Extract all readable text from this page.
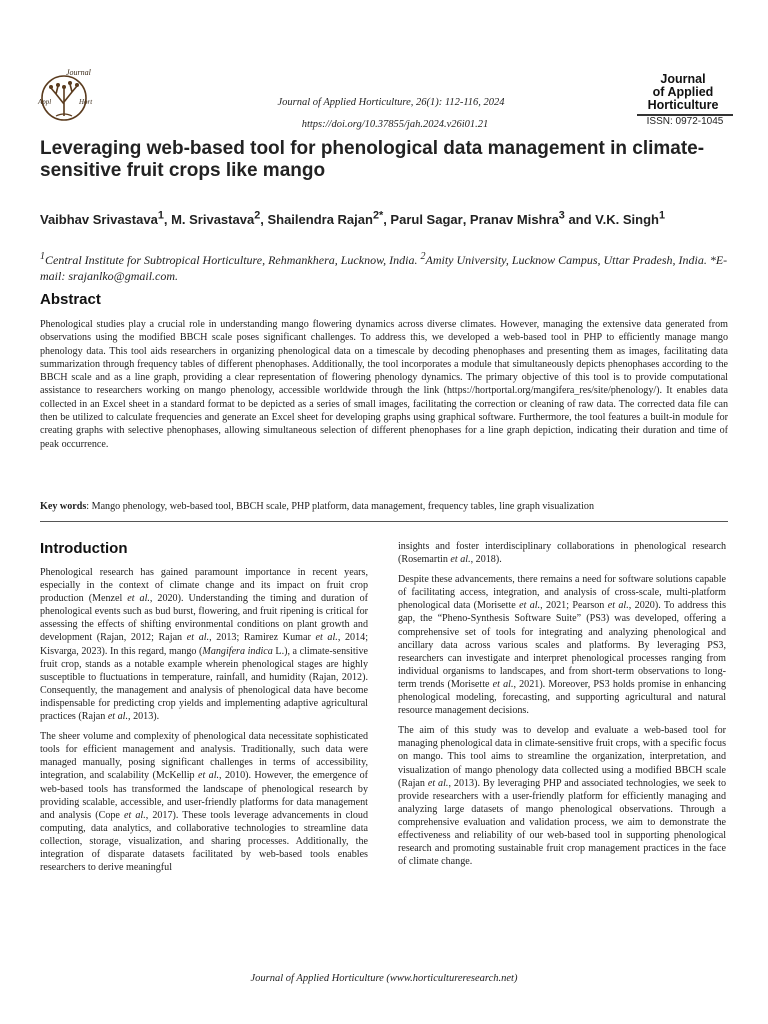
Journal
Appl	Hort	Journal of Applied Horticulture, 26(1): 112-116, 2024
https://doi.org/10.37855/jah.2024.v26i01.21
Journal
of Applied
Horticulture
ISSN: 0972-1045
Leveraging web-based tool for phenological data management in climate-sensitive fruit crops like mango

Vaibhav Srivastava$^1$, M. Srivastava$^2$, Shailendra Rajan$^{2*}$, Parul Sagar, Pranav Mishra$^3$ and V.K. Singh$^1$

$^1$Central Institute for Subtropical Horticulture, Rehmankhera, Lucknow, India. $^2$Amity University, Lucknow Campus, Uttar Pradesh, India. *E-mail: srajanlko@gmail.com.

Abstract

Phenological studies play a crucial role in understanding mango flowering dynamics across diverse climates. However, managing the extensive data generated from observations using the modified BBCH scale poses significant challenges. To address this, we developed a web-based tool in PHP to efficiently manage mango phenology data. This tool aids researchers in organizing phenological data on a timescale by decoding phenophases and presenting them as images, facilitating data summarization through frequency tables of different phenophases. Additionally, the tool incorporates a module that simultaneously depicts phenophases according to the BBCH scale and as a line graph, providing a clear representation of flowering phenology dynamics. The primary objective of this tool is to provide computational assistance to researchers working on mango phenology, accessible worldwide through the link (https://hortportal.org/mangifera_res/site/phenology/). It enables data collected in an Excel sheet in a standard format to be depicted as a series of small images, facilitating the correction or cleaning of raw data. The corrected data file can then be utilized to calculate frequencies and generate an Excel sheet for developing graphs using graphical software. Furthermore, the tool features a built-in module for creating graphs with selective phenophases, allowing simultaneous selection of different phenophases for a line graph depiction, indicating their duration and time of peak occurrence.

Key words: Mango phenology, web-based tool, BBCH scale, PHP platform, data management, frequency tables, line graph visualization

Introduction

Phenological research has gained paramount importance in recent years, especially in the context of climate change and its impact on fruit crop production (Menzel et al., 2020). Understanding the timing and duration of phenological events such as bud burst, flowering, and fruit ripening is critical for assessing the effects of shifting environmental conditions on plant growth and development (Rajan, 2012; Rajan et al., 2013; Ramirez Kumar et al., 2014; Kisvarga, 2023). In this regard, mango (Mangifera indica L.), a climate-sensitive fruit crop, stands as a notable example wherein phenological stages are highly susceptible to fluctuations in temperature, rainfall, and humidity (Rajan, 2012). Consequently, the management and analysis of phenological data have become indispensable for predicting crop yields and implementing adaptive agricultural practices (Rajan et al., 2013).

The sheer volume and complexity of phenological data necessitate sophisticated tools for efficient management and analysis. Traditionally, such data were managed manually, posing significant challenges in terms of accessibility, integration, and scalability (McKellip et al., 2010). However, the emergence of web-based tools has transformed the landscape of phenological research by providing scalable, accessible, and user-friendly platforms for data management and analysis (Cope et al., 2017). These tools leverage advancements in cloud computing, data analytics, and collaborative technologies to streamline data collection, storage, visualization, and sharing processes. Additionally, the integration of disparate datasets facilitated by web-based tools enables researchers to derive meaningful

insights and foster interdisciplinary collaborations in phenological research (Rosemartin et al., 2018).

Despite these advancements, there remains a need for software solutions capable of facilitating access, integration, and analysis of cross-scale, multi-platform phenological data (Morisette et al., 2021; Pearson et al., 2020). To address this gap, the “Pheno-Synthesis Software Suite” (PS3) was developed, offering a comprehensive set of tools for integrating and analyzing phenological and ancillary data across various scales and platforms. By leveraging PS3, researchers can investigate and interpret phenological processes ranging from individual organisms to landscapes, and from short-term observations to long-term trends (Morisette et al., 2021). Moreover, PS3 holds promise in enhancing phenological modeling, forecasting, and supporting agricultural and natural resource management decisions.

The aim of this study was to develop and evaluate a web-based tool for managing phenological data in climate-sensitive fruit crops, with a specific focus on mango. This tool aims to streamline the organization, interpretation, and visualization of mango phenology data collected using a modified BBCH scale (Rajan et al., 2013). By leveraging PHP and associated technologies, we seek to provide researchers with a user-friendly platform for efficiently managing and analyzing large datasets of mango phenological observations. Through a comprehensive evaluation and validation process, we aim to demonstrate the effectiveness and reliability of our web-based tool in supporting phenological research and promoting sustainable fruit crop management practices in the face of climate change.

Journal of Applied Horticulture (www.horticultureresearch.net)
